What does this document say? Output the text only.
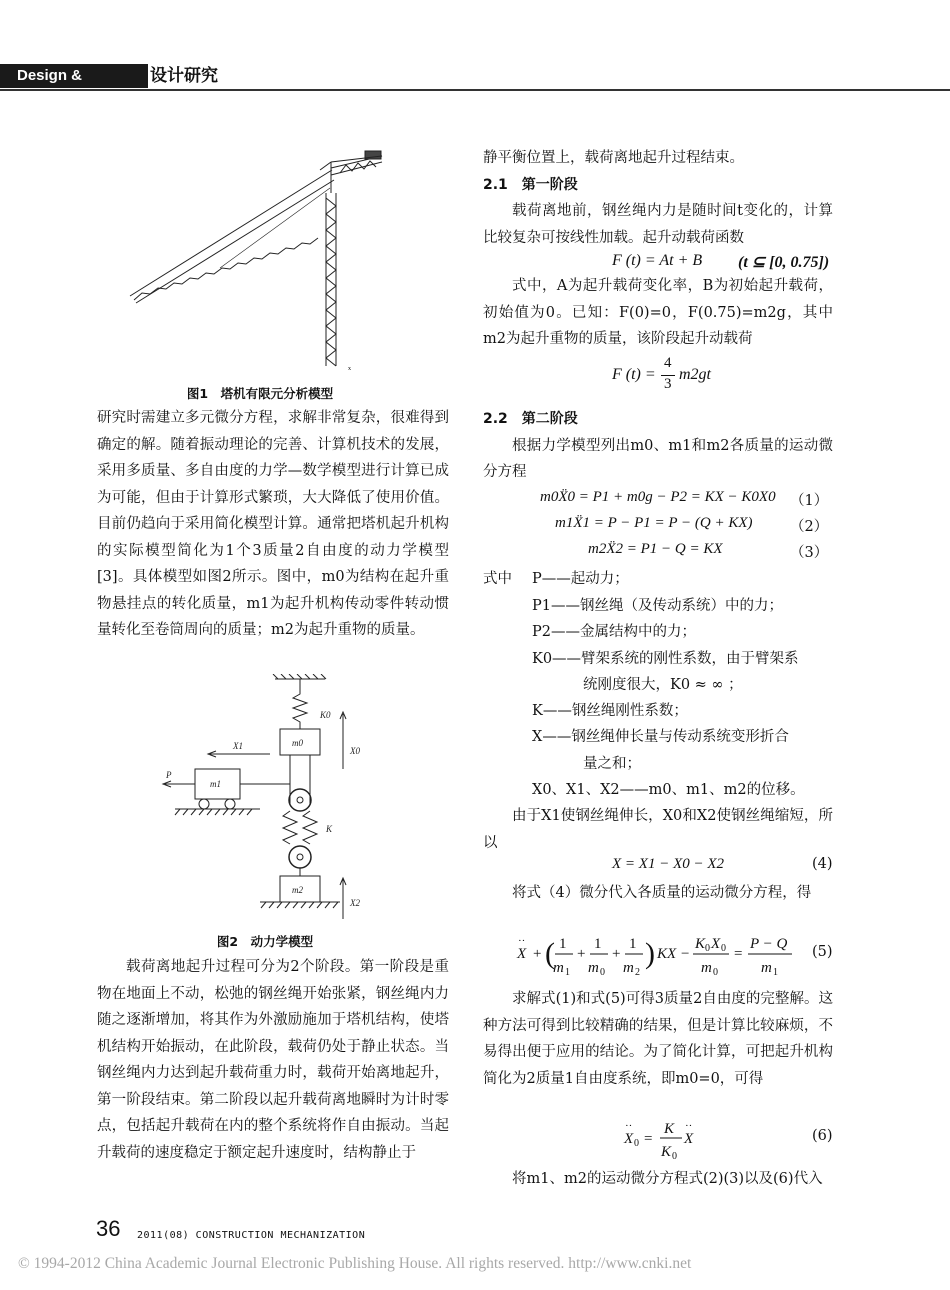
Design & Research
设计研究
x
图1　塔机有限元分析模型

研究时需建立多元微分方程，求解非常复杂，很难得到确定的解。随着振动理论的完善、计算机技术的发展，采用多质量、多自由度的力学—数学模型进行计算已成为可能，但由于计算形式繁琐，大大降低了使用价值。目前仍趋向于采用简化模型计算。通常把塔机起升机构的实际模型简化为1个3质量2自由度的动力学模型[3]。具体模型如图2所示。图中，m0为结构在起升重物悬挂点的转化质量，m1为起升机构传动零件转动惯量转化至卷筒周向的质量；m2为起升重物的质量。

K0
m0
X1	X0
P
m1
K
m2
X2
图2　动力学模型

载荷离地起升过程可分为2个阶段。第一阶段是重物在地面上不动，松弛的钢丝绳开始张紧，钢丝绳内力随之逐渐增加，将其作为外激励施加于塔机结构，使塔机结构开始振动，在此阶段，载荷仍处于静止状态。当钢丝绳内力达到起升载荷重力时，载荷开始离地起升，第一阶段结束。第二阶段以起升载荷离地瞬时为计时零点，包括起升载荷在内的整个系统将作自由振动。当起升载荷的速度稳定于额定起升速度时，结构静止于

静平衡位置上，载荷离地起升过程结束。

2.1　第一阶段

载荷离地前，钢丝绳内力是随时间t变化的，计算比较复杂可按线性加载。起升动载荷函数

F (t) = At + B (t ⊆ [0, 0.75])

式中，A为起升载荷变化率，B为初始起升载荷，初始值为0。已知：F(0)=0，F(0.75)=m2g，其中m2为起升重物的质量，该阶段起升动载荷

F (t) =
4
3
m2gt

2.2　第二阶段

根据力学模型列出m0、m1和m2各质量的运动微分方程

m0Ẍ0 = P1 + m0g − P2 = KX − K0X0 （1）
m1Ẍ1 = P − P1 = P − (Q + KX)	（2）
m2Ẍ2 = P1 − Q = KX	（3）
式中 P——起动力；
P1——钢丝绳（及传动系统）中的力；
P2——金属结构中的力；
K0——臂架系统的刚性系数，由于臂架系
统刚度很大，K0 ≈ ∞ ；
K——钢丝绳刚性系数；
X——钢丝绳伸长量与传动系统变形折合
量之和；
X0、X1、X2——m0、m1、m2的位移。

由于X1使钢丝绳伸长，X0和X2使钢丝绳缩短，所以

X = X1 − X0 − X2	(4)

将式（4）微分代入各质量的运动微分方程，得

X
··
+ ( 1
m 1
+
1
m 0
+
1
m 2
) KX −
K 0 X 0
m 0
=
P − Q
m 1
(5)

求解式(1)和式(5)可得3质量2自由度的完整解。这种方法可得到比较精确的结果，但是计算比较麻烦，不易得出便于应用的结论。为了简化计算，可把起升机构简化为2质量1自由度系统，即m0=0，可得

X
··
0 =
K
K 0
X
··
(6)

将m1、m2的运动微分方程式(2)(3)以及(6)代入

36 2011(08) CONSTRUCTION MECHANIZATION
© 1994-2012 China Academic Journal Electronic Publishing House. All rights reserved. http://www.cnki.net
